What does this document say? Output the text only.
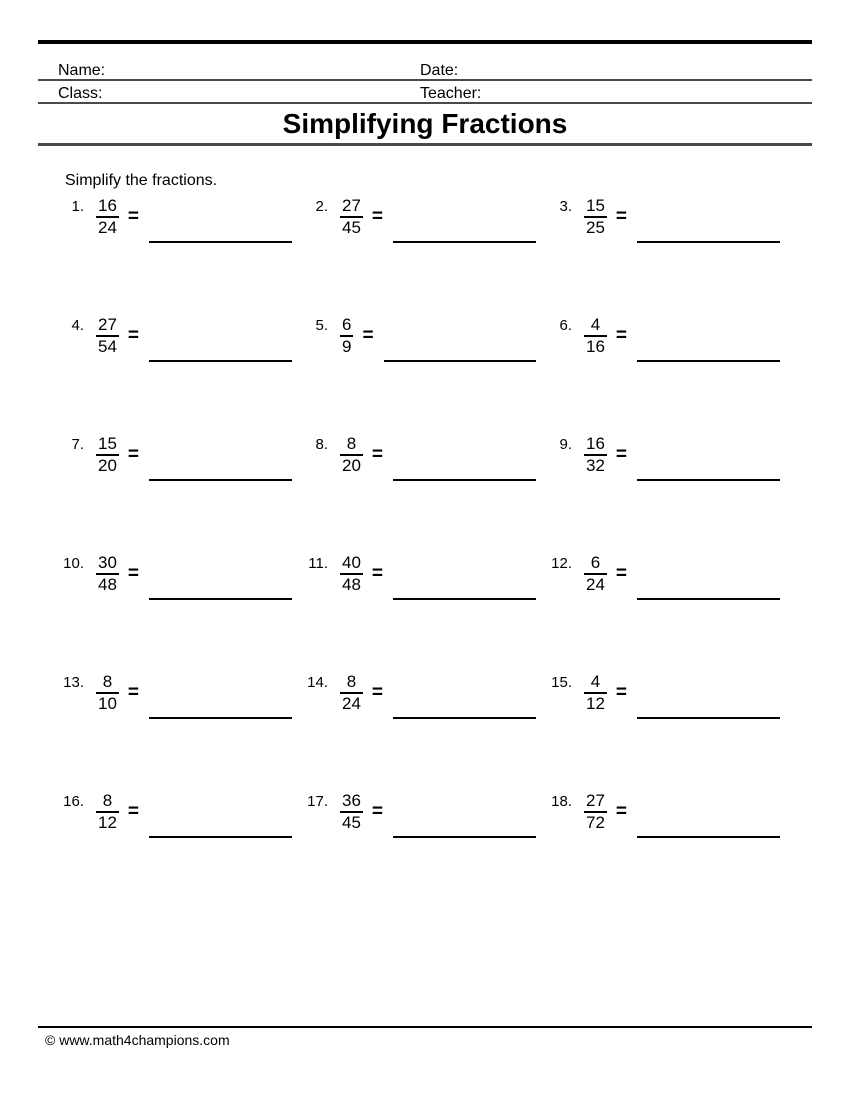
Name:	Date:
Class:	Teacher:
Simplifying Fractions
Simplify the fractions.
1. $\frac{16}{24}$ =	2. $\frac{27}{45}$ =	3. $\frac{15}{25}$ =
4. $\frac{27}{54}$ =	5. $\frac{6}{9}$ =	6. $\frac{4}{16}$ =
7. $\frac{15}{20}$ =	8. $\frac{8}{20}$ =	9. $\frac{16}{32}$ =
10. $\frac{30}{48}$ =	11. $\frac{40}{48}$ =	12. $\frac{6}{24}$ =
13. $\frac{8}{10}$ =	14. $\frac{8}{24}$ =	15. $\frac{4}{12}$ =
16. $\frac{8}{12}$ =	17. $\frac{36}{45}$ =	18. $\frac{27}{72}$ =
© www.math4champions.com
